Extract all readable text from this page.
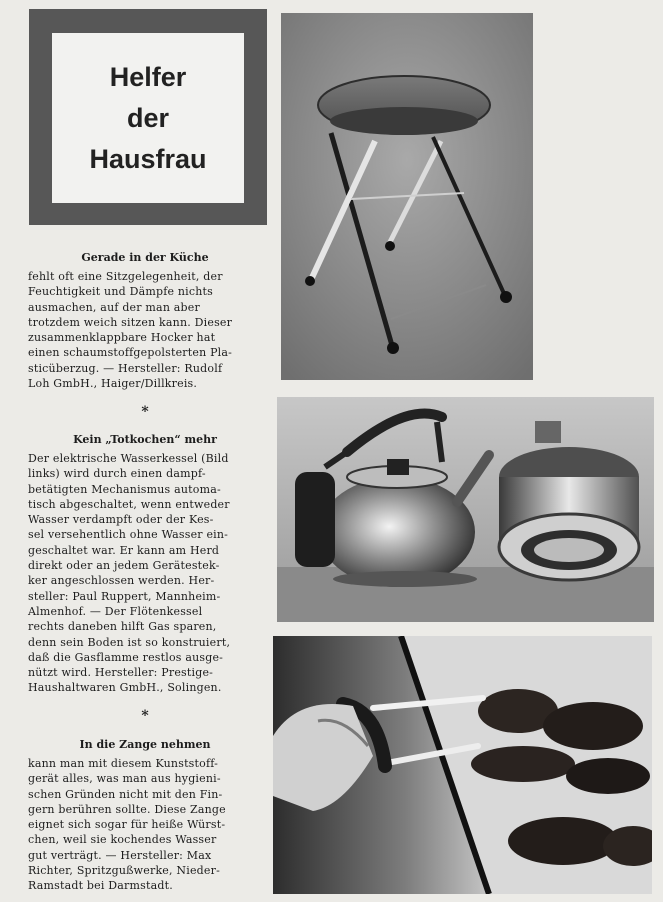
Helfer
der
Hausfrau

Gerade in der Küche

fehlt oft eine Sitzgelegenheit, der
Feuchtigkeit und Dämpfe nichts
ausmachen, auf der man aber
trotzdem weich sitzen kann. Dieser
zusammenklappbare Hocker hat
einen schaumstoffgepolsterten Pla-
sticüberzug. — Hersteller: Rudolf
Loh GmbH., Haiger/Dillkreis.

*

Kein „Totkochen“ mehr

Der elektrische Wasserkessel (Bild
links) wird durch einen dampf-
betätigten Mechanismus automa-
tisch abgeschaltet, wenn entweder
Wasser verdampft oder der Kes-
sel versehentlich ohne Wasser ein-
geschaltet war. Er kann am Herd
direkt oder an jedem Gerätestek-
ker angeschlossen werden. Her-
steller: Paul Ruppert, Mannheim-
Almenhof. — Der Flötenkessel
rechts daneben hilft Gas sparen,
denn sein Boden ist so konstruiert,
daß die Gasflamme restlos ausge-
nützt wird. Hersteller: Prestige-
Haushaltwaren GmbH., Solingen.

*

In die Zange nehmen

kann man mit diesem Kunststoff-
gerät alles, was man aus hygieni-
schen Gründen nicht mit den Fin-
gern berühren sollte. Diese Zange
eignet sich sogar für heiße Würst-
chen, weil sie kochendes Wasser
gut verträgt. — Hersteller: Max
Richter, Spritzgußwerke, Nieder-
Ramstadt bei Darmstadt.
